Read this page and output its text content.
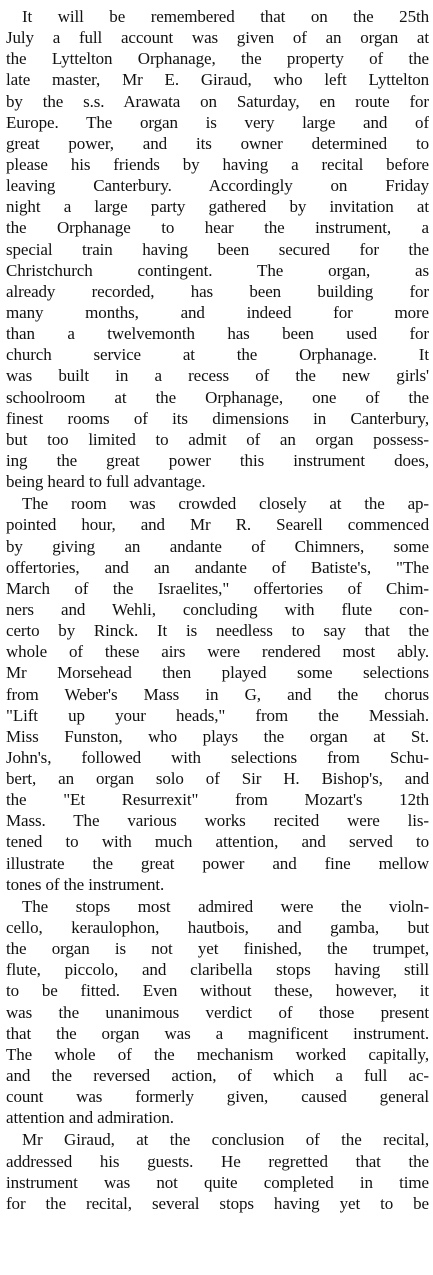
It will be remembered that on the 25th
July a full account was given of an organ at
the Lyttelton Orphanage, the property of the
late master, Mr E. Giraud, who left Lyttelton
by the s.s. Arawata on Saturday, en route for
Europe. The organ is very large and of
great power, and its owner determined to
please his friends by having a recital before
leaving Canterbury. Accordingly on Friday
night a large party gathered by invitation at
the Orphanage to hear the instrument, a
special train having been secured for the
Christchurch contingent. The organ, as
already recorded, has been building for
many months, and indeed for more
than a twelvemonth has been used for
church service at the Orphanage. It
was built in a recess of the new girls'
schoolroom at the Orphanage, one of the
finest rooms of its dimensions in Canterbury,
but too limited to admit of an organ possess-
ing the great power this instrument does,
being heard to full advantage.
The room was crowded closely at the ap-
pointed hour, and Mr R. Searell commenced
by giving an andante of Chimners, some
offertories, and an andante of Batiste's, "The
March of the Israelites," offertories of Chim-
ners and Wehli, concluding with flute con-
certo by Rinck. It is needless to say that the
whole of these airs were rendered most ably.
Mr Morsehead then played some selections
from Weber's Mass in G, and the chorus
"Lift up your heads," from the Messiah.
Miss Funston, who plays the organ at St.
John's, followed with selections from Schu-
bert, an organ solo of Sir H. Bishop's, and
the "Et Resurrexit" from Mozart's 12th
Mass. The various works recited were lis-
tened to with much attention, and served to
illustrate the great power and fine mellow
tones of the instrument.
The stops most admired were the violn-
cello, keraulophon, hautbois, and gamba, but
the organ is not yet finished, the trumpet,
flute, piccolo, and claribella stops having still
to be fitted. Even without these, however, it
was the unanimous verdict of those present
that the organ was a magnificent instrument.
The whole of the mechanism worked capitally,
and the reversed action, of which a full ac-
count was formerly given, caused general
attention and admiration.
Mr Giraud, at the conclusion of the recital,
addressed his guests. He regretted that the
instrument was not quite completed in time
for the recital, several stops having yet to be
